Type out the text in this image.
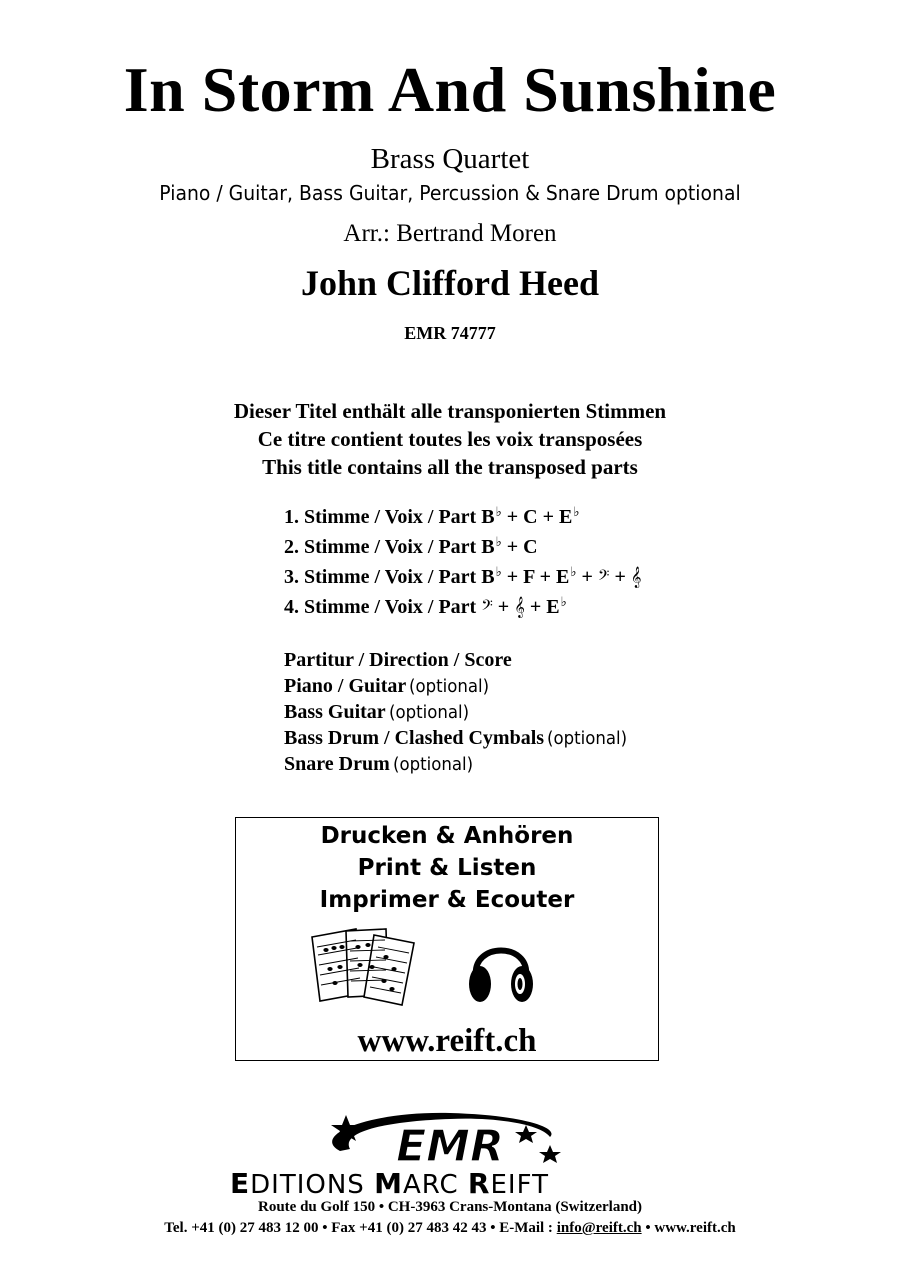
In Storm And Sunshine
Brass Quartet
Piano / Guitar, Bass Guitar, Percussion & Snare Drum optional
Arr.: Bertrand Moren
John Clifford Heed
EMR 74777
Dieser Titel enthält alle transponierten Stimmen
Ce titre contient toutes les voix transposées
This title contains all the transposed parts
1. Stimme / Voix / Part B♭ + C + E♭
2. Stimme / Voix / Part B♭ + C
3. Stimme / Voix / Part B♭ + F + E♭ + 𝄢 + 𝄞
4. Stimme / Voix / Part 𝄢 + 𝄞 + E♭
Partitur / Direction / Score
Piano / Guitar (optional)
Bass Guitar (optional)
Bass Drum / Clashed Cymbals (optional)
Snare Drum (optional)
Drucken & Anhören
Print & Listen
Imprimer & Ecouter
www.reift.ch
EMR
EDITIONS MARC REIFT
Route du Golf 150 • CH-3963 Crans-Montana (Switzerland)
Tel. +41 (0) 27 483 12 00 • Fax +41 (0) 27 483 42 43 • E-Mail : info@reift.ch • www.reift.ch
